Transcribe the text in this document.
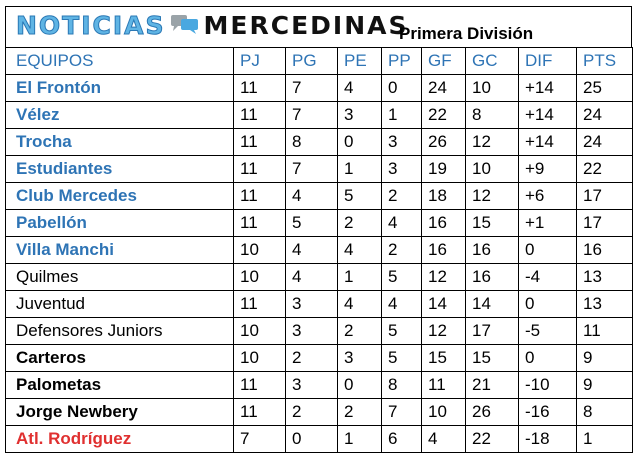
NOTICIAS MERCEDINAS
Primera División
EQUIPOS	PJ	PG	PE	PP	GF	GC	DIF	PTS
El Frontón	11	7	4	0	24	10	+14	25
Vélez	11	7	3	1	22	8	+14	24
Trocha	11	8	0	3	26	12	+14	24
Estudiantes	11	7	1	3	19	10	+9	22
Club Mercedes	11	4	5	2	18	12	+6	17
Pabellón	11	5	2	4	16	15	+1	17
Villa Manchi	10	4	4	2	16	16	0	16
Quilmes	10	4	1	5	12	16	-4	13
Juventud	11	3	4	4	14	14	0	13
Defensores Juniors	10	3	2	5	12	17	-5	11
Carteros	10	2	3	5	15	15	0	9
Palometas	11	3	0	8	11	21	-10	9
Jorge Newbery	11	2	2	7	10	26	-16	8
Atl. Rodríguez	7	0	1	6	4	22	-18	1
